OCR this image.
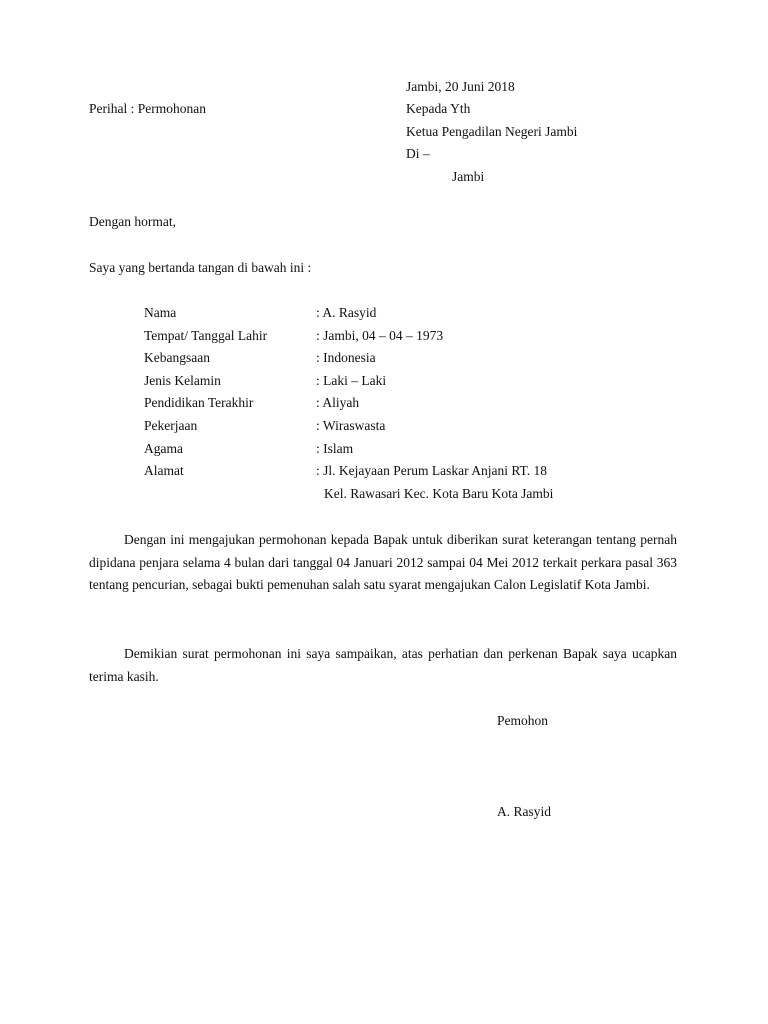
Jambi, 20 Juni 2018
Perihal : Permohonan	Kepada Yth
Ketua Pengadilan Negeri Jambi
Di –
Jambi
Dengan hormat,
Saya yang bertanda tangan di bawah ini :
Nama	: A. Rasyid
Tempat/ Tanggal Lahir	: Jambi, 04 – 04 – 1973
Kebangsaan	: Indonesia
Jenis Kelamin	: Laki – Laki
Pendidikan Terakhir	: Aliyah
Pekerjaan	: Wiraswasta
Agama	: Islam
Alamat	: Jl. Kejayaan Perum Laskar Anjani RT. 18
Kel. Rawasari Kec. Kota Baru Kota Jambi

Dengan ini mengajukan permohonan kepada Bapak untuk diberikan surat keterangan tentang pernah dipidana penjara selama 4 bulan dari tanggal 04 Januari 2012 sampai 04 Mei 2012 terkait perkara pasal 363 tentang pencurian, sebagai bukti pemenuhan salah satu syarat mengajukan Calon Legislatif Kota Jambi.

Demikian surat permohonan ini saya sampaikan, atas perhatian dan perkenan Bapak saya ucapkan terima kasih.

Pemohon
A. Rasyid
